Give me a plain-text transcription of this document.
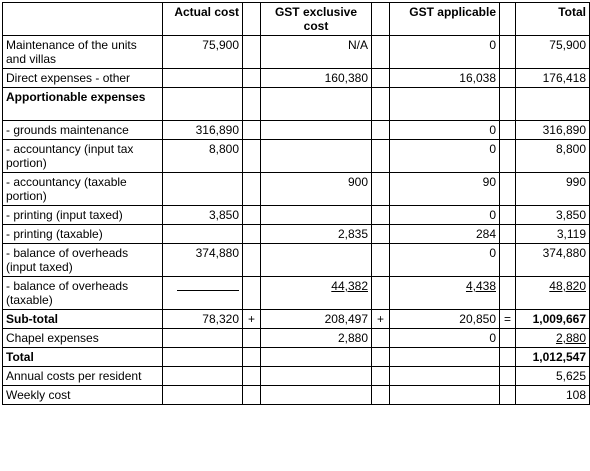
	Actual cost		GST exclusive cost		GST applicable		Total
Maintenance of the units and villas	75,900		N/A		0		75,900
Direct expenses - other			160,380		16,038		176,418
Apportionable expenses							
- grounds maintenance	316,890				0		316,890
- accountancy (input tax portion)	8,800				0		8,800
- accountancy (taxable portion)			900		90		990
- printing (input taxed)	3,850				0		3,850
- printing (taxable)			2,835		284		3,119
- balance of overheads (input taxed)	374,880				0		374,880
- balance of overheads (taxable)			44,382		4,438		48,820
Sub-total	78,320	+	208,497	+	20,850	=	1,009,667
Chapel expenses			2,880		0		2,880
Total							1,012,547
Annual costs per resident							5,625
Weekly cost							108
